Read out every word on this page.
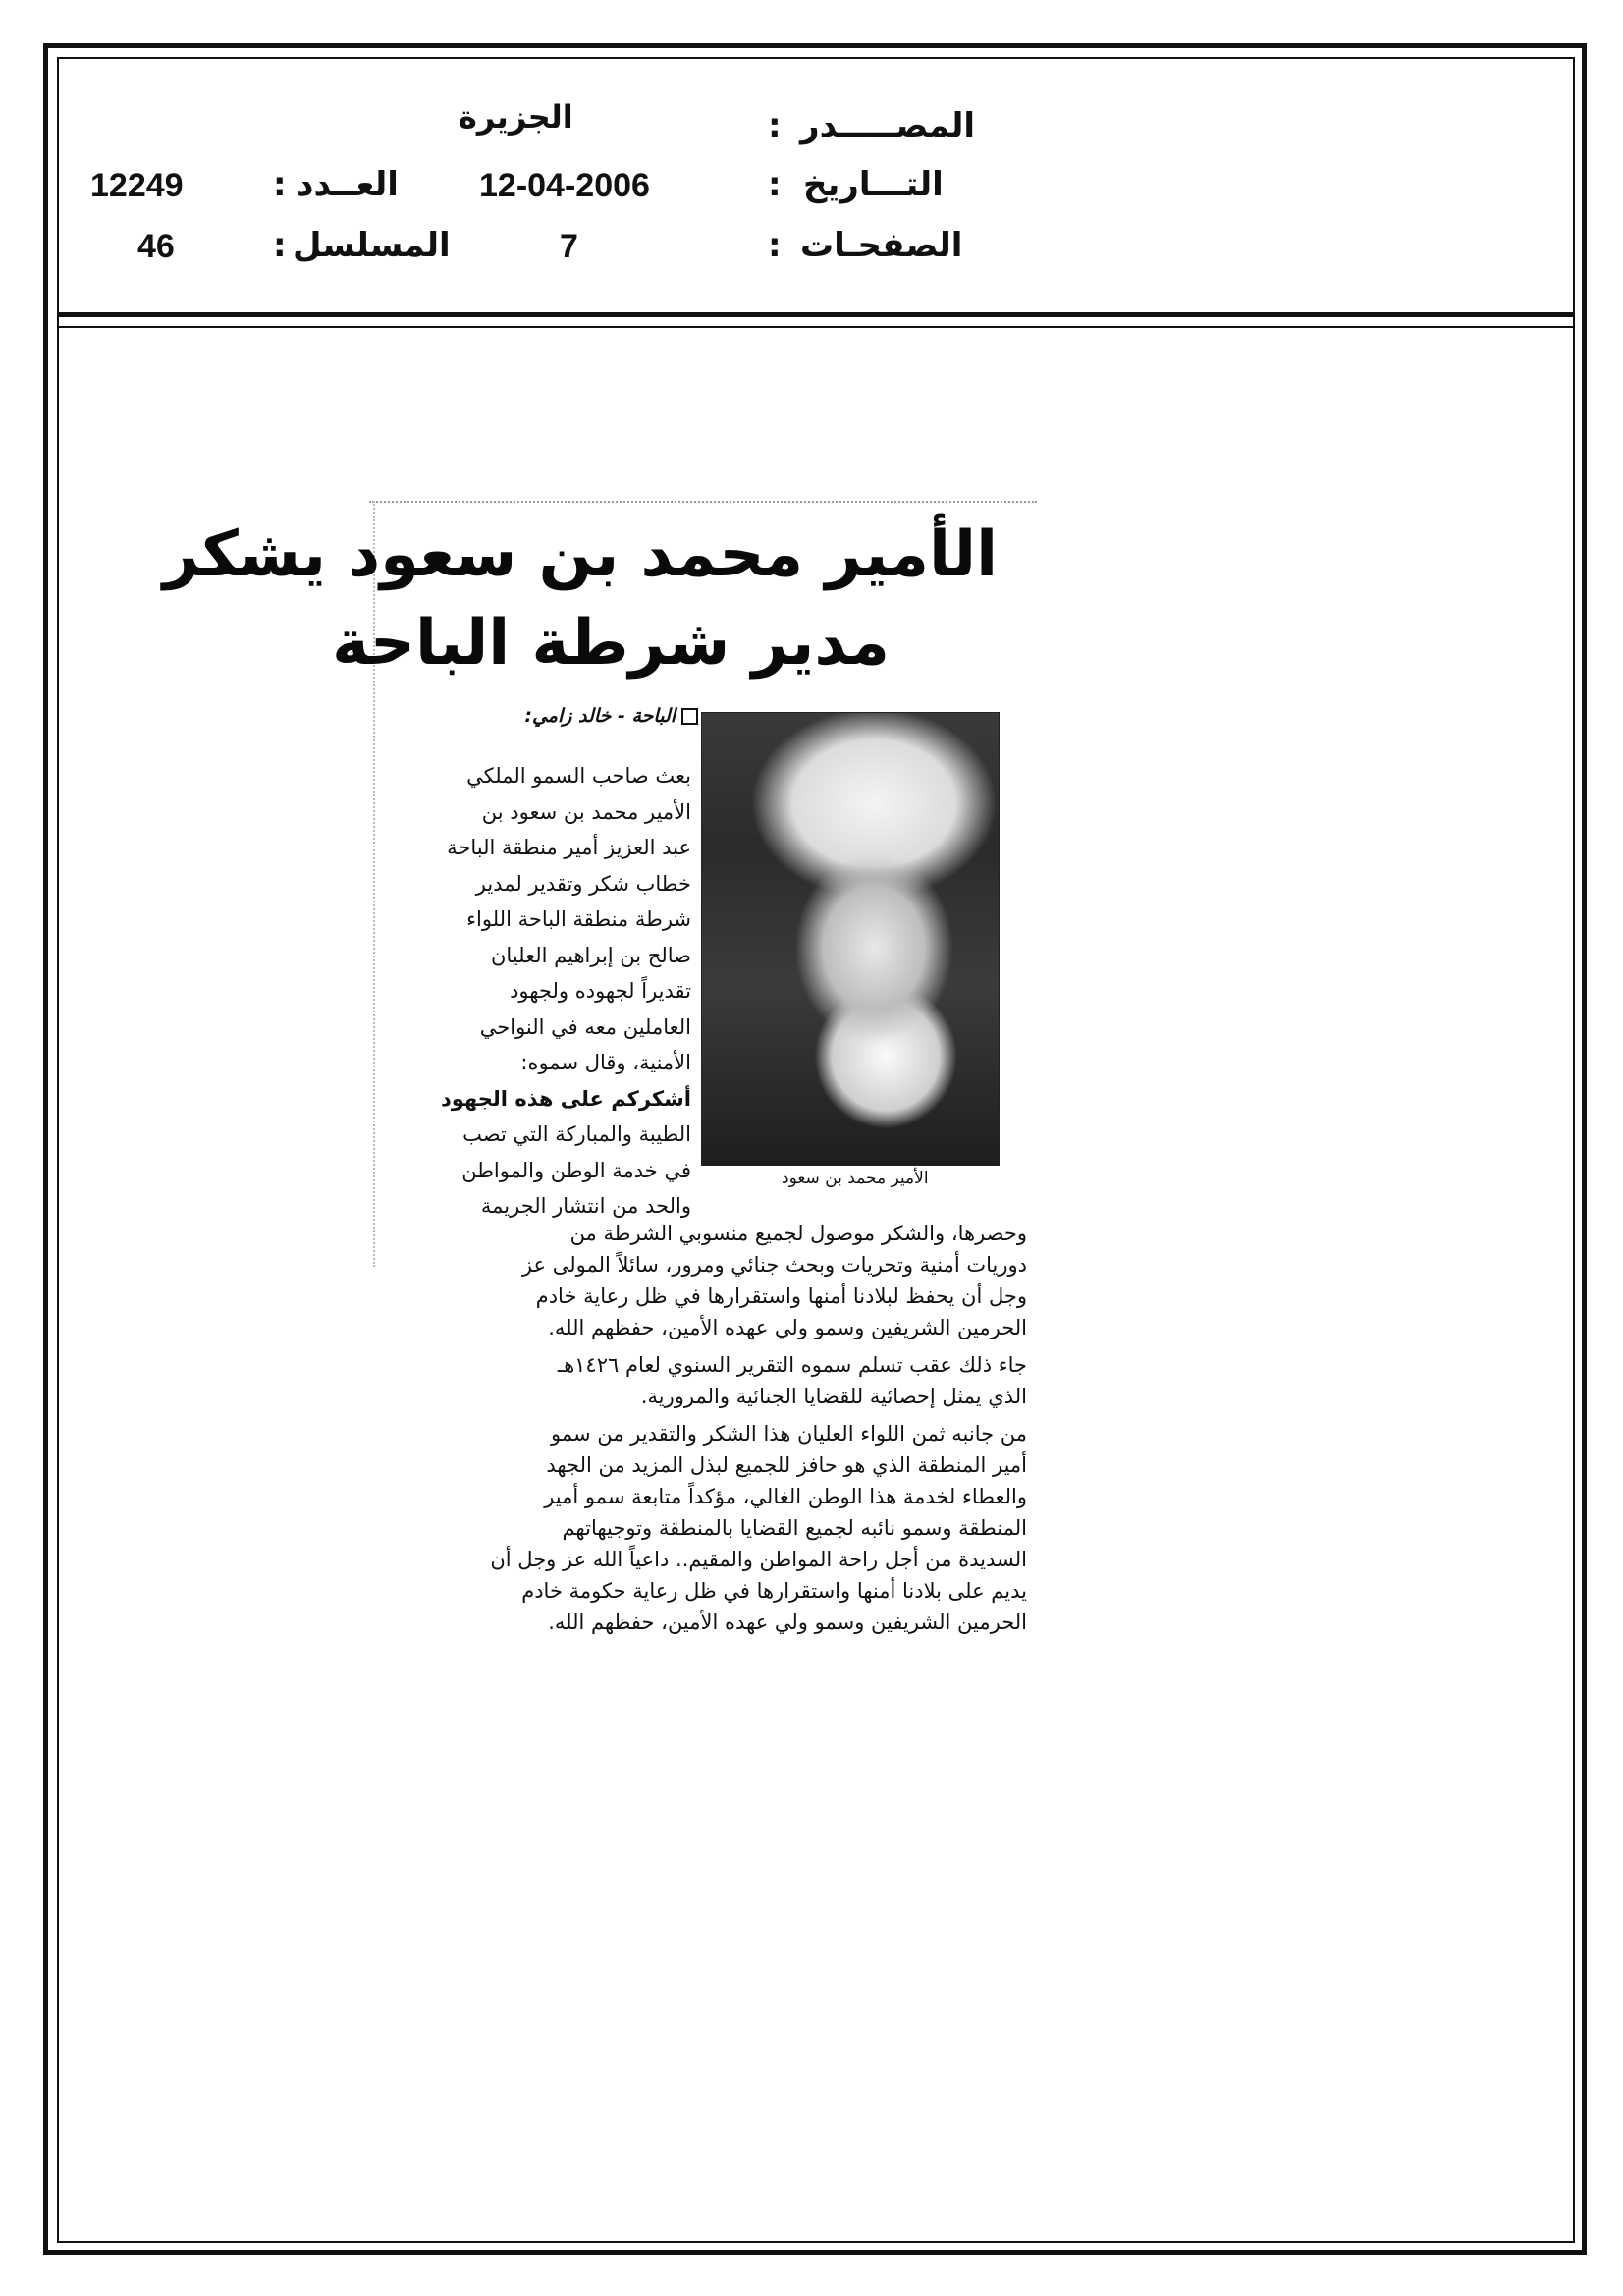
المصـــــدر
:
الجزيرة
التـــاريخ
:
12-04-2006
العــدد
:
12249
الصفحـات
:
7
المسلسل
:
46
الأمير محمد بن سعود يشكر
مدير شرطة الباحة
الباحة - خالد زامي:
الأمير محمد بن سعود
بعث صاحب السمو الملكي
الأمير محمد بن سعود بن
عبد العزيز أمير منطقة الباحة
خطاب شكر وتقدير لمدير
شرطة منطقة الباحة اللواء
صالح بن إبراهيم العليان
تقديراً لجهوده ولجهود
العاملين معه في النواحي
الأمنية، وقال سموه:
أشكركم على هذه الجهود
الطيبة والمباركة التي تصب
في خدمة الوطن والمواطن
والحد من انتشار الجريمة
وحصرها، والشكر موصول لجميع منسوبي الشرطة من
دوريات أمنية وتحريات وبحث جنائي ومرور، سائلاً المولى عز
وجل أن يحفظ لبلادنا أمنها واستقرارها في ظل رعاية خادم
الحرمين الشريفين وسمو ولي عهده الأمين، حفظهم الله.
جاء ذلك عقب تسلم سموه التقرير السنوي لعام ١٤٢٦هـ
الذي يمثل إحصائية للقضايا الجنائية والمرورية.
من جانبه ثمن اللواء العليان هذا الشكر والتقدير من سمو
أمير المنطقة الذي هو حافز للجميع لبذل المزيد من الجهد
والعطاء لخدمة هذا الوطن الغالي، مؤكداً متابعة سمو أمير
المنطقة وسمو نائبه لجميع القضايا بالمنطقة وتوجيهاتهم
السديدة من أجل راحة المواطن والمقيم.. داعياً الله عز وجل أن
يديم على بلادنا أمنها واستقرارها في ظل رعاية حكومة خادم
الحرمين الشريفين وسمو ولي عهده الأمين، حفظهم الله.
